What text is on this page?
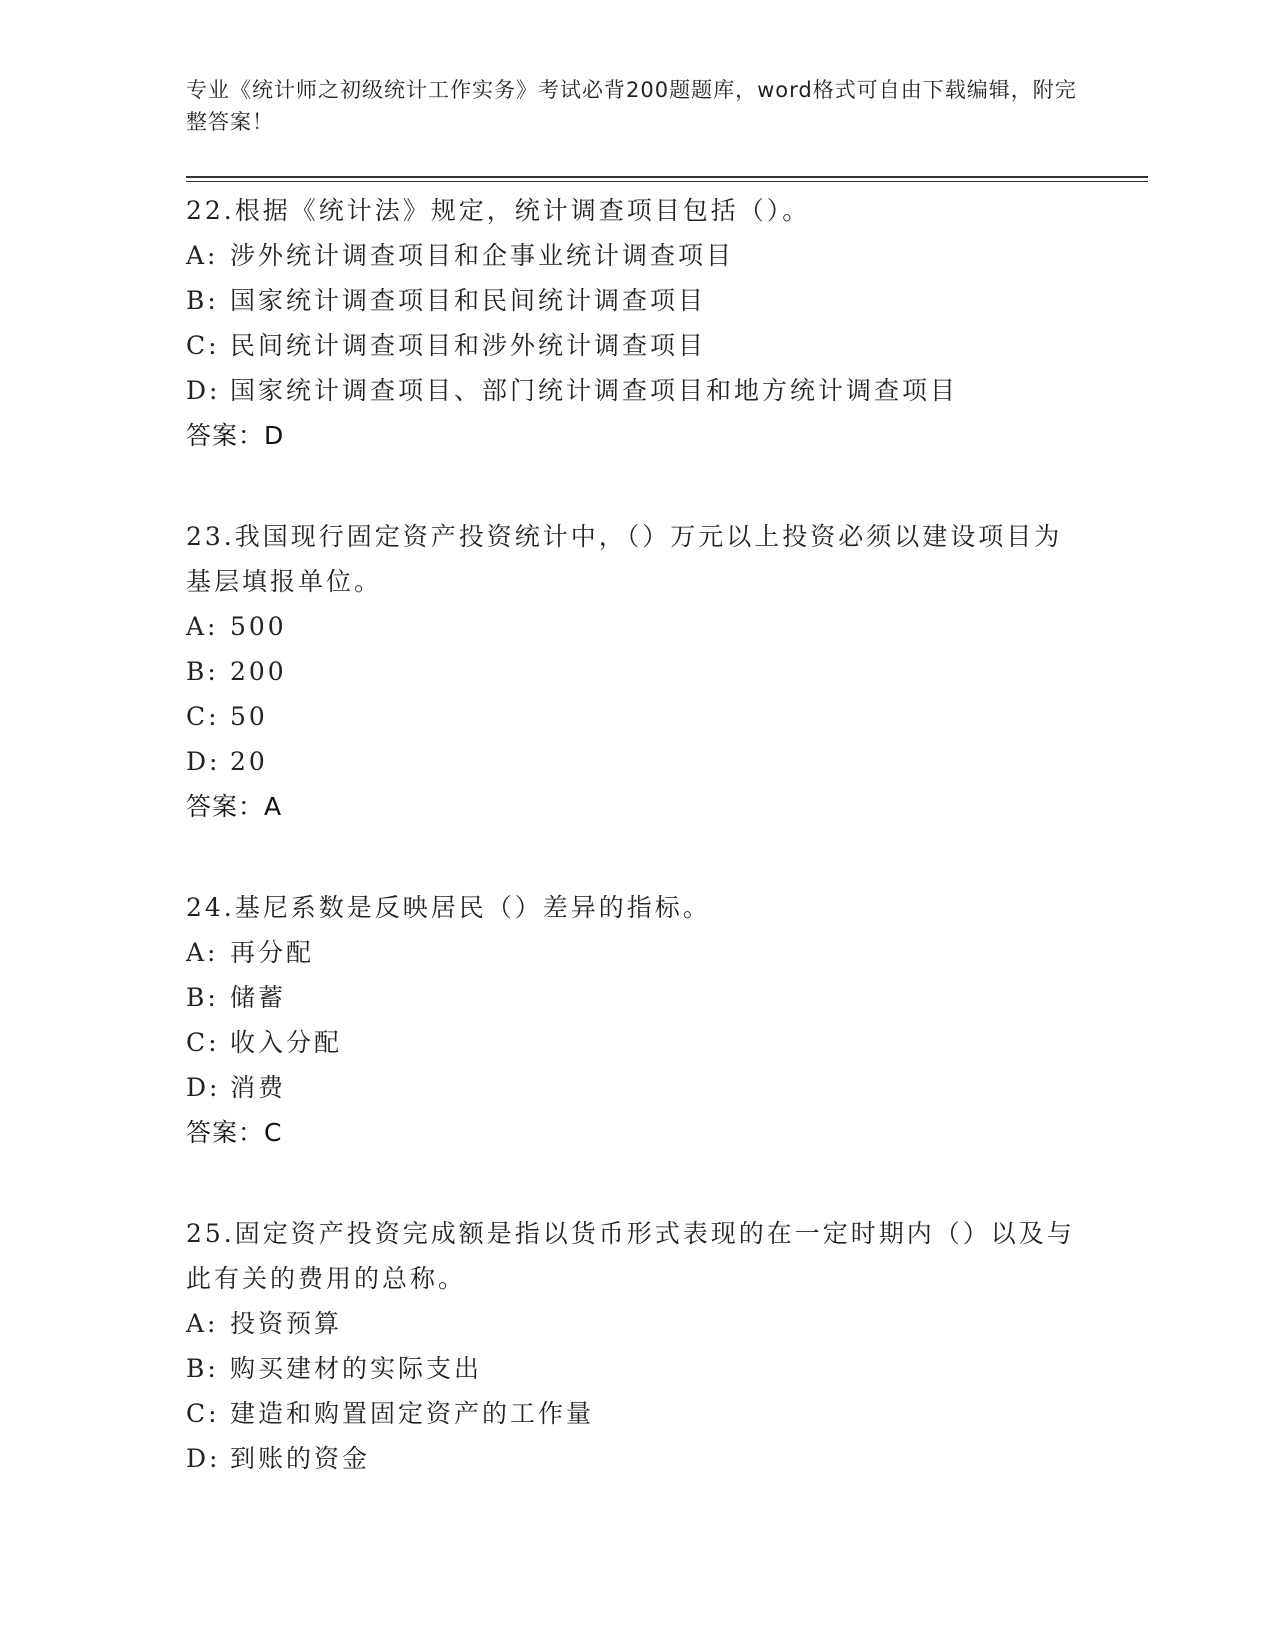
专业《统计师之初级统计工作实务》考试必背200题题库，word格式可自由下载编辑，附完整答案！
22.根据《统计法》规定，统计调查项目包括（）。
A: 涉外统计调查项目和企事业统计调查项目
B: 国家统计调查项目和民间统计调查项目
C: 民间统计调查项目和涉外统计调查项目
D: 国家统计调查项目、部门统计调查项目和地方统计调查项目
答案：D
23.我国现行固定资产投资统计中，（）万元以上投资必须以建设项目为基层填报单位。
A: 500
B: 200
C: 50
D: 20
答案：A
24.基尼系数是反映居民（）差异的指标。
A: 再分配
B: 储蓄
C: 收入分配
D: 消费
答案：C
25.固定资产投资完成额是指以货币形式表现的在一定时期内（）以及与此有关的费用的总称。
A: 投资预算
B: 购买建材的实际支出
C: 建造和购置固定资产的工作量
D: 到账的资金
